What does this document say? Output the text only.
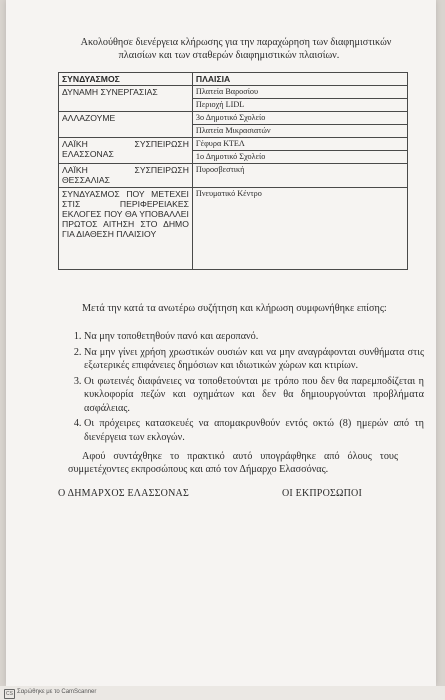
Ακολούθησε διενέργεια κλήρωσης για την παραχώρηση των διαφημιστικών πλαισίων και των σταθερών διαφημιστικών πλαισίων.

ΣΥΝΔΥΑΣΜΟΣ	ΠΛΑΙΣΙΑ
ΔΥΝΑΜΗ ΣΥΝΕΡΓΑΣΙΑΣ	Πλατεία Βαροσίου
	Περιοχή LIDL
ΑΛΛΑΖΟΥΜΕ	3ο Δημοτικό Σχολείο
	Πλατεία Μικρασιατών
ΛΑΪΚΗ ΣΥΣΠΕΙΡΩΣΗ ΕΛΑΣΣΟΝΑΣ	Γέφυρα ΚΤΕΛ
	1ο Δημοτικό Σχολείο
ΛΑΪΚΗ ΣΥΣΠΕΙΡΩΣΗ ΘΕΣΣΑΛΙΑΣ	Πυροσβεστική
ΣΥΝΔΥΑΣΜΟΣ ΠΟΥ ΜΕΤΕΧΕΙ ΣΤΙΣ ΠΕΡΙΦΕΡΕΙΑΚΕΣ ΕΚΛΟΓΕΣ ΠΟΥ ΘΑ ΥΠΟΒΑΛΛΕΙ ΠΡΩΤΟΣ ΑΙΤΗΣΗ ΣΤΟ ΔΗΜΟ ΓΙΑ ΔΙΑΘΕΣΗ ΠΛΑΙΣΙΟΥ	Πνευματικό Κέντρο

Μετά την κατά τα ανωτέρω συζήτηση και κλήρωση συμφωνήθηκε επίσης:

1. Να μην τοποθετηθούν πανό και αεροπανό.
2. Να μην γίνει χρήση χρωστικών ουσιών και να μην αναγράφονται συνθήματα στις εξωτερικές επιφάνειες δημόσιων και ιδιωτικών χώρων και κτιρίων.
3. Οι φωτεινές διαφάνειες να τοποθετούνται με τρόπο που δεν θα παρεμποδίζεται η κυκλοφορία πεζών και οχημάτων και δεν θα δημιουργούνται προβλήματα ασφάλειας.
4. Οι πρόχειρες κατασκευές να απομακρυνθούν εντός οκτώ (8) ημερών από τη διενέργεια των εκλογών.

Αφού συντάχθηκε το πρακτικό αυτό υπογράφθηκε από όλους τους συμμετέχοντες εκπροσώπους και από τον Δήμαρχο Ελασσόνας.

Ο ΔΗΜΑΡΧΟΣ ΕΛΑΣΣΟΝΑΣ	ΟΙ ΕΚΠΡΟΣΩΠΟΙ
CS Σαρώθηκε με το CamScanner
